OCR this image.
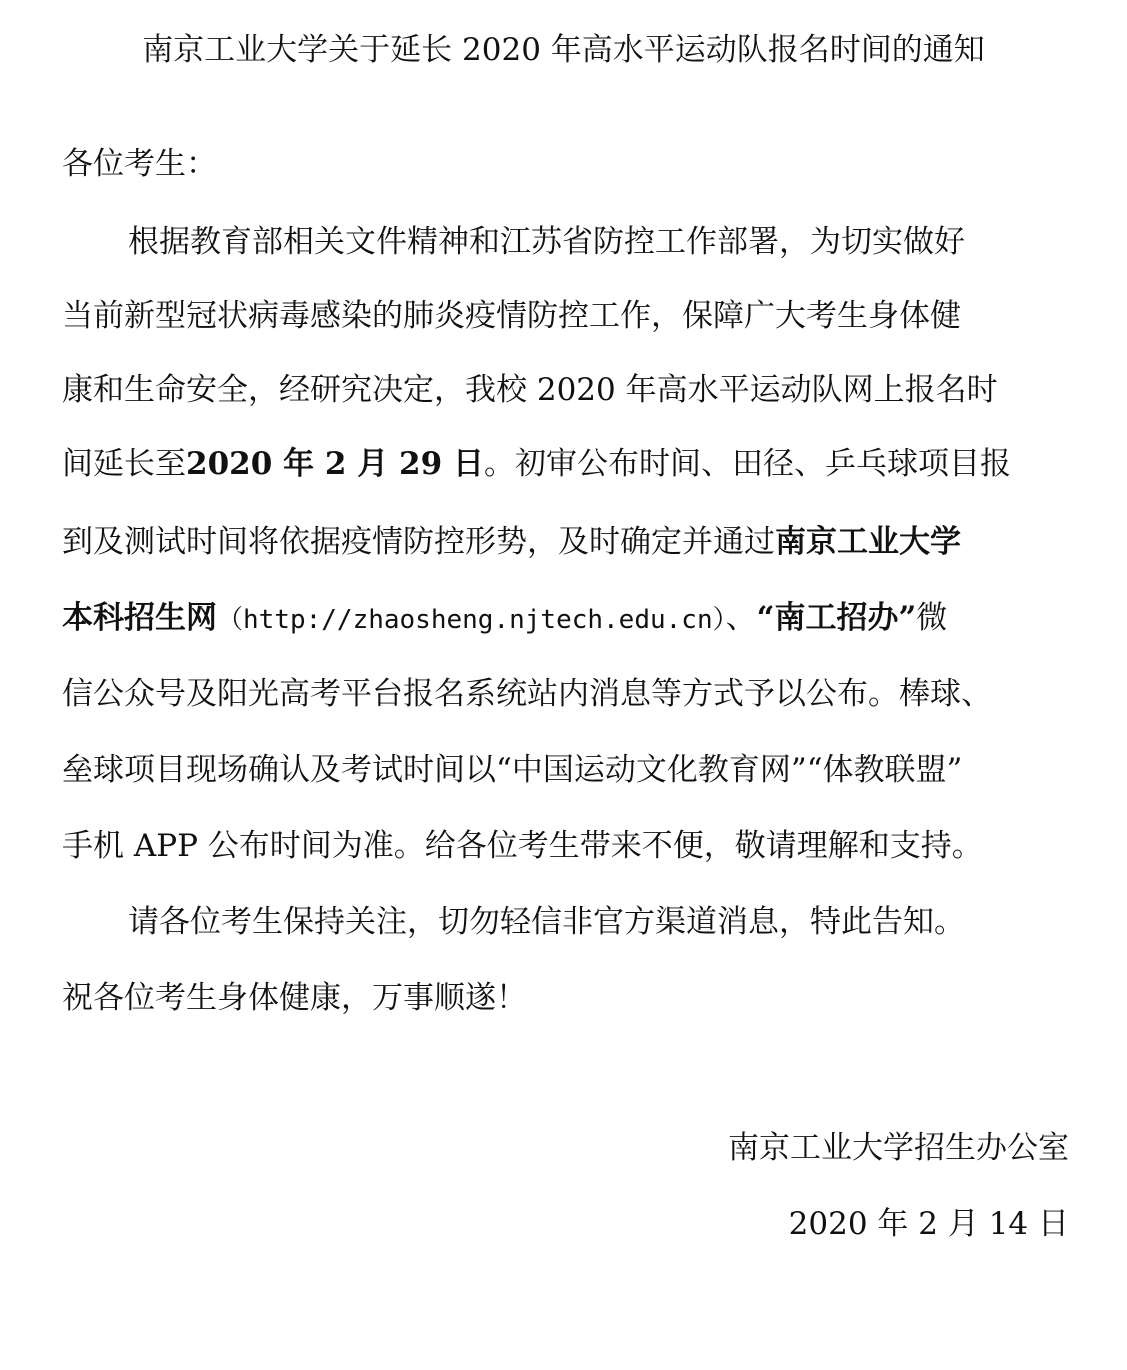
南京工业大学关于延长 2020 年高水平运动队报名时间的通知
各位考生：
根据教育部相关文件精神和江苏省防控工作部署，为切实做好
当前新型冠状病毒感染的肺炎疫情防控工作，保障广大考生身体健
康和生命安全，经研究决定，我校 2020 年高水平运动队网上报名时
间延长至2020 年 2 月 29 日。初审公布时间、田径、乒乓球项目报
到及测试时间将依据疫情防控形势，及时确定并通过南京工业大学
本科招生网（http://zhaosheng.njtech.edu.cn）、“南工招办”微
信公众号及阳光高考平台报名系统站内消息等方式予以公布。棒球、
垒球项目现场确认及考试时间以“中国运动文化教育网”“体教联盟”
手机 APP 公布时间为准。给各位考生带来不便，敬请理解和支持。
请各位考生保持关注，切勿轻信非官方渠道消息，特此告知。
祝各位考生身体健康，万事顺遂！
南京工业大学招生办公室
2020 年 2 月 14 日
